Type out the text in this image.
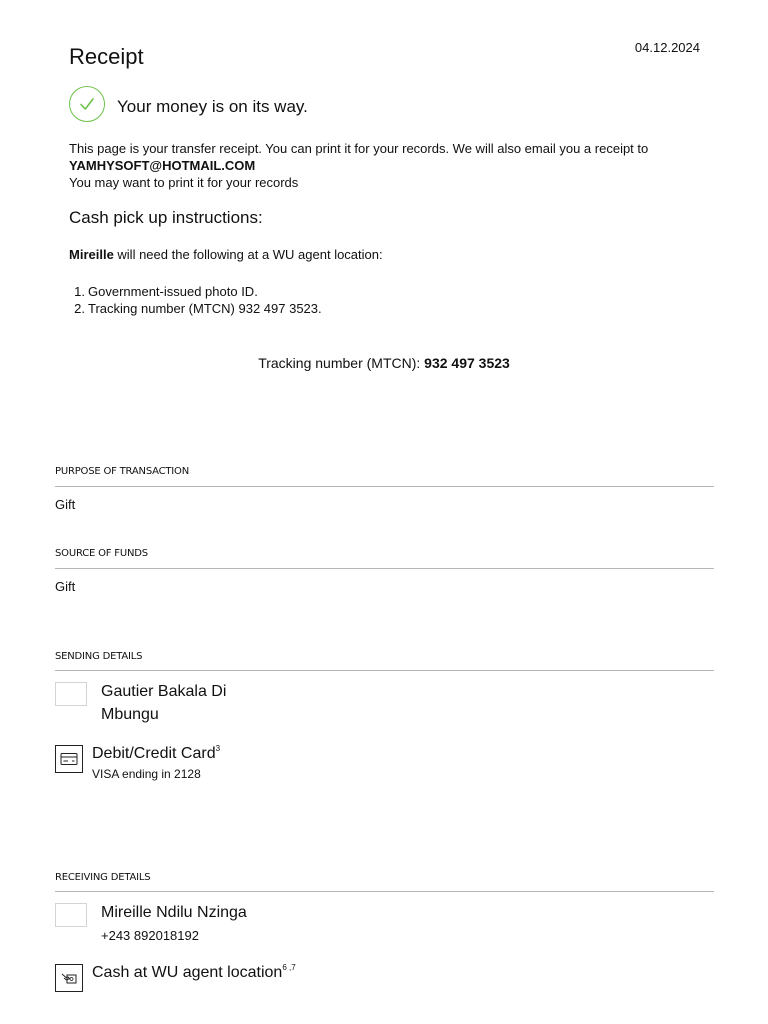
04.12.2024
Receipt
Your money is on its way.
This page is your transfer receipt. You can print it for your records. We will also email you a receipt to
YAMHYSOFT@HOTMAIL.COM
You may want to print it for your records
Cash pick up instructions:
Mireille will need the following at a WU agent location:
1. Government-issued photo ID.
2. Tracking number (MTCN) 932 497 3523.
Tracking number (MTCN): 932 497 3523
PURPOSE OF TRANSACTION
Gift
SOURCE OF FUNDS
Gift
SENDING DETAILS
Gautier Bakala Di
Mbungu
Debit/Credit Card$^3$
VISA ending in 2128
RECEIVING DETAILS
Mireille Ndilu Nzinga
+243 892018192
Cash at WU agent location$^{6 ,7}$
